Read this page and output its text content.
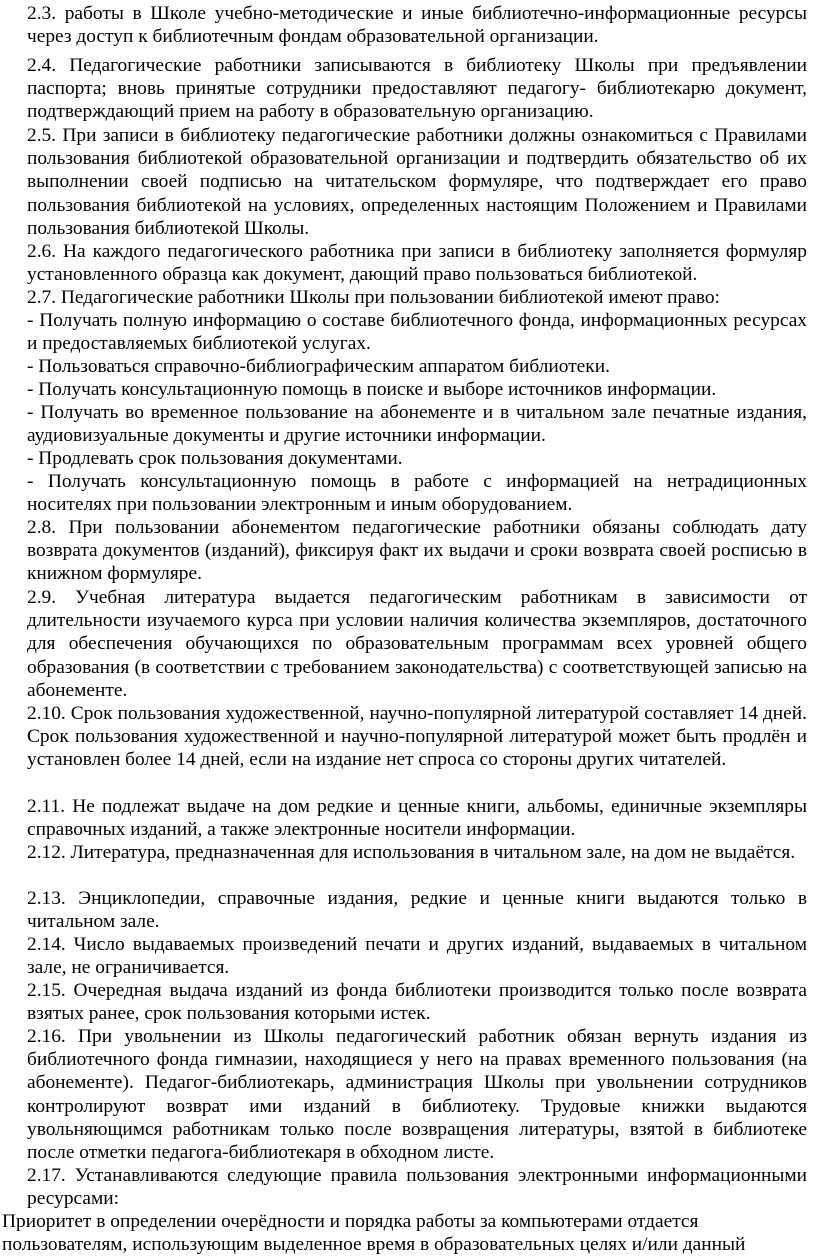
2.3. работы в Школе учебно-методические и иные библиотечно-информационные ресурсы через доступ к библиотечным фондам образовательной организации.

2.4. Педагогические работники записываются в библиотеку Школы при предъявлении паспорта; вновь принятые сотрудники предоставляют педагогу- библиотекарю документ, подтверждающий прием на работу в образовательную организацию.

2.5. При записи в библиотеку педагогические работники должны ознакомиться с Правилами пользования библиотекой образовательной организации и подтвердить обязательство об их выполнении своей подписью на читательском формуляре, что подтверждает его право пользования библиотекой на условиях, определенных настоящим Положением и Правилами пользования библиотекой Школы.

2.6. На каждого педагогического работника при записи в библиотеку заполняется формуляр установленного образца как документ, дающий право пользоваться библиотекой.

2.7. Педагогические работники Школы при пользовании библиотекой имеют право:

- Получать полную информацию о составе библиотечного фонда, информационных ресурсах и предоставляемых библиотекой услугах.

- Пользоваться справочно-библиографическим аппаратом библиотеки.

- Получать консультационную помощь в поиске и выборе источников информации.

- Получать во временное пользование на абонементе и в читальном зале печатные издания, аудиовизуальные документы и другие источники информации.

- Продлевать срок пользования документами.

- Получать консультационную помощь в работе с информацией на нетрадиционных носителях при пользовании электронным и иным оборудованием.

2.8. При пользовании абонементом педагогические работники обязаны соблюдать дату возврата документов (изданий), фиксируя факт их выдачи и сроки возврата своей росписью в книжном формуляре.

2.9. Учебная литература выдается педагогическим работникам в зависимости от длительности изучаемого курса при условии наличия количества экземпляров, достаточного для обеспечения обучающихся по образовательным программам всех уровней общего образования (в соответствии с требованием законодательства) с соответствующей записью на абонементе.

2.10. Срок пользования художественной, научно-популярной литературой составляет 14 дней. Срок пользования художественной и научно-популярной литературой может быть продлён и установлен более 14 дней, если на издание нет спроса со стороны других читателей.

2.11. Не подлежат выдаче на дом редкие и ценные книги, альбомы, единичные экземпляры справочных изданий, а также электронные носители информации.

2.12. Литература, предназначенная для использования в читальном зале, на дом не выдаётся.

2.13. Энциклопедии, справочные издания, редкие и ценные книги выдаются только в читальном зале.

2.14. Число выдаваемых произведений печати и других изданий, выдаваемых в читальном зале, не ограничивается.

2.15. Очередная выдача изданий из фонда библиотеки производится только после возврата взятых ранее, срок пользования которыми истек.

2.16. При увольнении из Школы педагогический работник обязан вернуть издания из библиотечного фонда гимназии, находящиеся у него на правах временного пользования (на абонементе). Педагог-библиотекарь, администрация Школы при увольнении сотрудников контролируют возврат ими изданий в библиотеку. Трудовые книжки выдаются увольняющимся работникам только после возвращения литературы, взятой в библиотеке после отметки педагога-библиотекаря в обходном листе.

2.17. Устанавливаются следующие правила пользования электронными информационными ресурсами:

Приоритет в определении очерёдности и порядка работы за компьютерами отдается пользователям, использующим выделенное время в образовательных целях и/или данный
